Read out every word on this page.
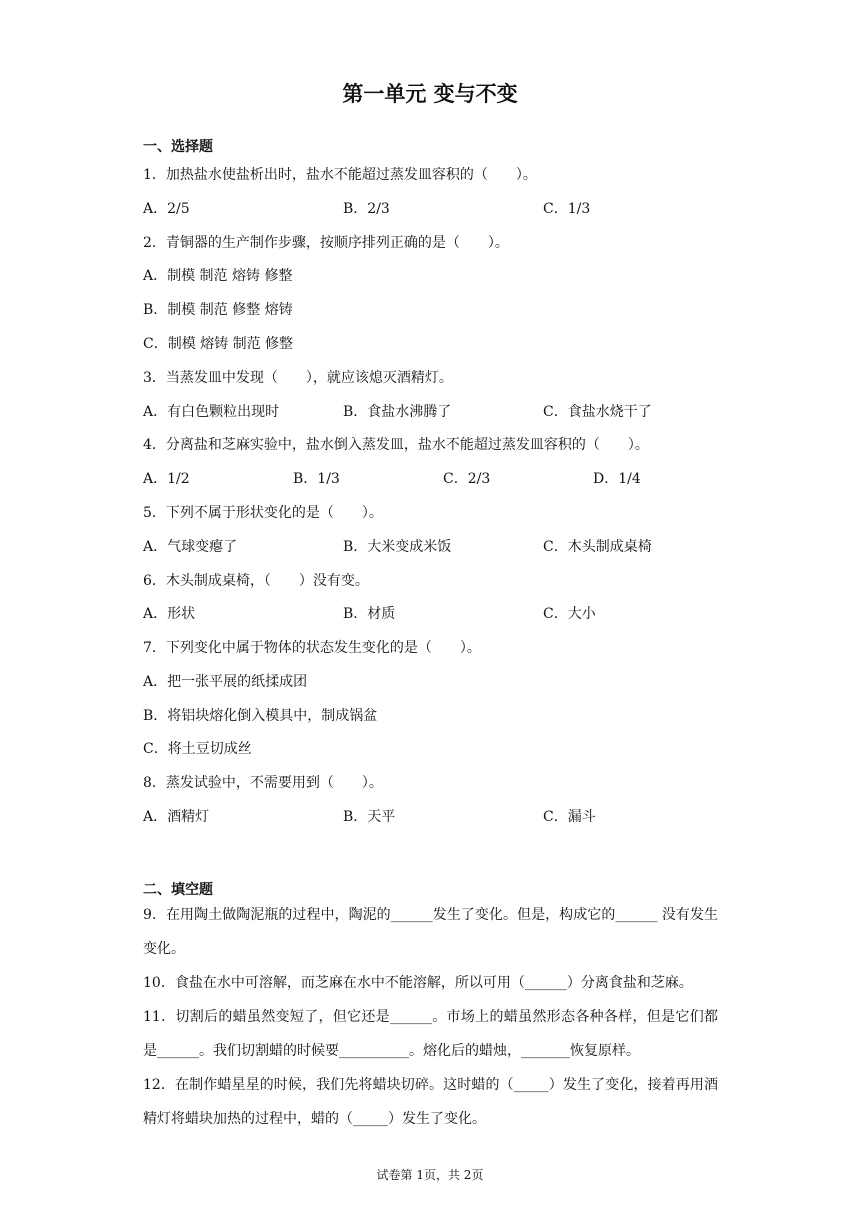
第一单元 变与不变
一、选择题
1．加热盐水使盐析出时，盐水不能超过蒸发皿容积的（　　）。
A．2/5	B．2/3	C．1/3
2．青铜器的生产制作步骤，按顺序排列正确的是（　　）。
A．制模 制范 熔铸 修整
B．制模 制范 修整 熔铸
C．制模 熔铸 制范 修整
3．当蒸发皿中发现（　　），就应该熄灭酒精灯。
A．有白色颗粒出现时	B．食盐水沸腾了	C．食盐水烧干了
4．分离盐和芝麻实验中，盐水倒入蒸发皿，盐水不能超过蒸发皿容积的（　　）。
A．1/2	B．1/3	C．2/3	D．1/4
5．下列不属于形状变化的是（　　）。
A．气球变瘪了	B．大米变成米饭	C．木头制成桌椅
6．木头制成桌椅，（　　）没有变。
A．形状	B．材质	C．大小
7．下列变化中属于物体的状态发生变化的是（　　）。
A．把一张平展的纸揉成团
B．将铝块熔化倒入模具中，制成锅盆
C．将土豆切成丝
8．蒸发试验中，不需要用到（　　）。
A．酒精灯	B．天平	C．漏斗
二、填空题
9．在用陶土做陶泥瓶的过程中，陶泥的______发生了变化。但是，构成它的______ 没有发生变化。
10．食盐在水中可溶解，而芝麻在水中不能溶解，所以可用（______）分离食盐和芝麻。
11．切割后的蜡虽然变短了，但它还是______。市场上的蜡虽然形态各种各样，但是它们都是______。我们切割蜡的时候要__________。熔化后的蜡烛，_______恢复原样。
12．在制作蜡星星的时候，我们先将蜡块切碎。这时蜡的（_____）发生了变化，接着再用酒精灯将蜡块加热的过程中，蜡的（_____）发生了变化。
试卷第 1页，共 2页
